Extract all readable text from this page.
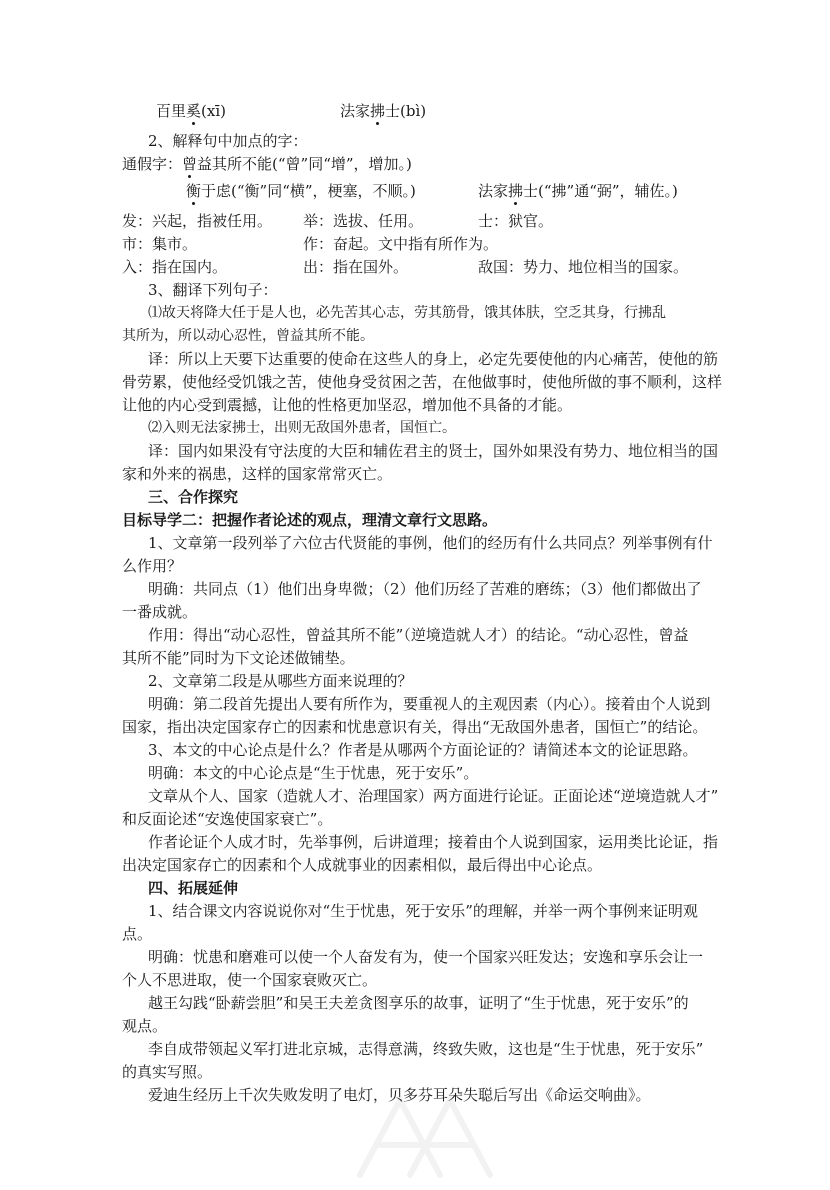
百里奚(xī)	法家拂士(bì)
2、解释句中加点的字：
通假字：曾益其所不能(“曾”同“增”，增加。)
衡于虑(“衡”同“横”，梗塞，不顺。)	法家拂士(“拂”通“弼”，辅佐。)
发：兴起，指被任用。 举：选拔、任用。	士：狱官。
市：集市。	作：奋起。文中指有所作为。
入：指在国内。	出：指在国外。	敌国：势力、地位相当的国家。
3、翻译下列句子：
⑴故天将降大任于是人也，必先苦其心志，劳其筋骨，饿其体肤，空乏其身，行拂乱
其所为，所以动心忍性，曾益其所不能。
译：所以上天要下达重要的使命在这些人的身上，必定先要使他的内心痛苦，使他的筋
骨劳累，使他经受饥饿之苦，使他身受贫困之苦，在他做事时，使他所做的事不顺利，这样
让他的内心受到震撼，让他的性格更加坚忍，增加他不具备的才能。
⑵入则无法家拂士，出则无敌国外患者，国恒亡。
译：国内如果没有守法度的大臣和辅佐君主的贤士，国外如果没有势力、地位相当的国
家和外来的祸患，这样的国家常常灭亡。
三、合作探究
目标导学二：把握作者论述的观点，理清文章行文思路。
1、文章第一段列举了六位古代贤能的事例，他们的经历有什么共同点？列举事例有什
么作用？
明确：共同点（1）他们出身卑微；（2）他们历经了苦难的磨练；（3）他们都做出了
一番成就。
作用：得出“动心忍性，曾益其所不能”（逆境造就人才）的结论。“动心忍性，曾益
其所不能”同时为下文论述做铺垫。
2、文章第二段是从哪些方面来说理的？
明确：第二段首先提出人要有所作为，要重视人的主观因素（内心）。接着由个人说到
国家，指出决定国家存亡的因素和忧患意识有关，得出“无敌国外患者，国恒亡”的结论。
3、本文的中心论点是什么？作者是从哪两个方面论证的？请简述本文的论证思路。
明确：本文的中心论点是“生于忧患，死于安乐”。
文章从个人、国家（造就人才、治理国家）两方面进行论证。正面论述“逆境造就人才”
和反面论述“安逸使国家衰亡”。
作者论证个人成才时，先举事例，后讲道理；接着由个人说到国家，运用类比论证，指
出决定国家存亡的因素和个人成就事业的因素相似，最后得出中心论点。
四、拓展延伸
1、结合课文内容说说你对“生于忧患，死于安乐”的理解，并举一两个事例来证明观
点。
明确：忧患和磨难可以使一个人奋发有为，使一个国家兴旺发达；安逸和享乐会让一
个人不思进取，使一个国家衰败灭亡。
越王勾践“卧薪尝胆”和吴王夫差贪图享乐的故事，证明了“生于忧患，死于安乐”的
观点。
李自成带领起义军打进北京城，志得意满，终致失败，这也是“生于忧患，死于安乐”
的真实写照。
爱迪生经历上千次失败发明了电灯，贝多芬耳朵失聪后写出《命运交响曲》。
